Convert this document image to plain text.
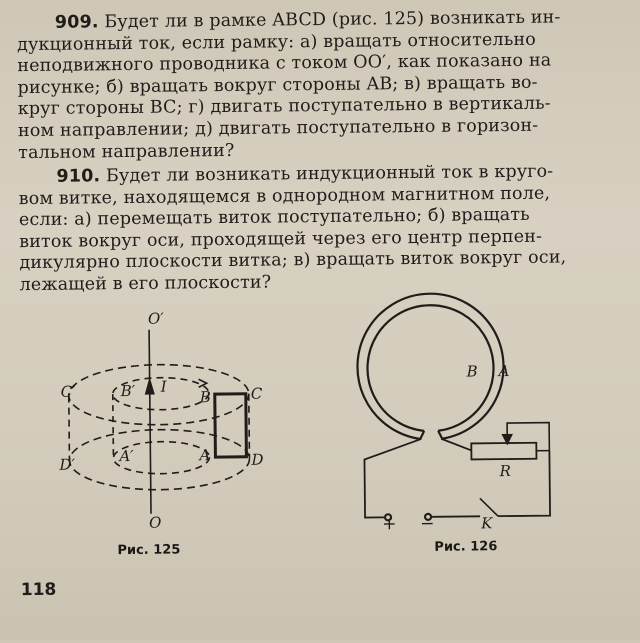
909. Будет ли в рамке ABCD (рис. 125) возникать ин-
дукционный ток, если рамку: а) вращать относительно
неподвижного проводника с током OO′, как показано на
рисунке; б) вращать вокруг стороны AB; в) вращать во-
круг стороны BC; г) двигать поступательно в вертикаль-
ном направлении; д) двигать поступательно в горизон-
тальном направлении?
910. Будет ли возникать индукционный ток в круго-
вом витке, находящемся в однородном магнитном поле,
если: а) перемещать виток поступательно; б) вращать
виток вокруг оси, проходящей через его центр перпен-
дикулярно плоскости витка; в) вращать виток вокруг оси,
лежащей в его плоскости?
O′
O
I
C′	B′	B	C
D′	A′	A	D
B A
R
K
+ −
Рис. 125	Рис. 126
118
